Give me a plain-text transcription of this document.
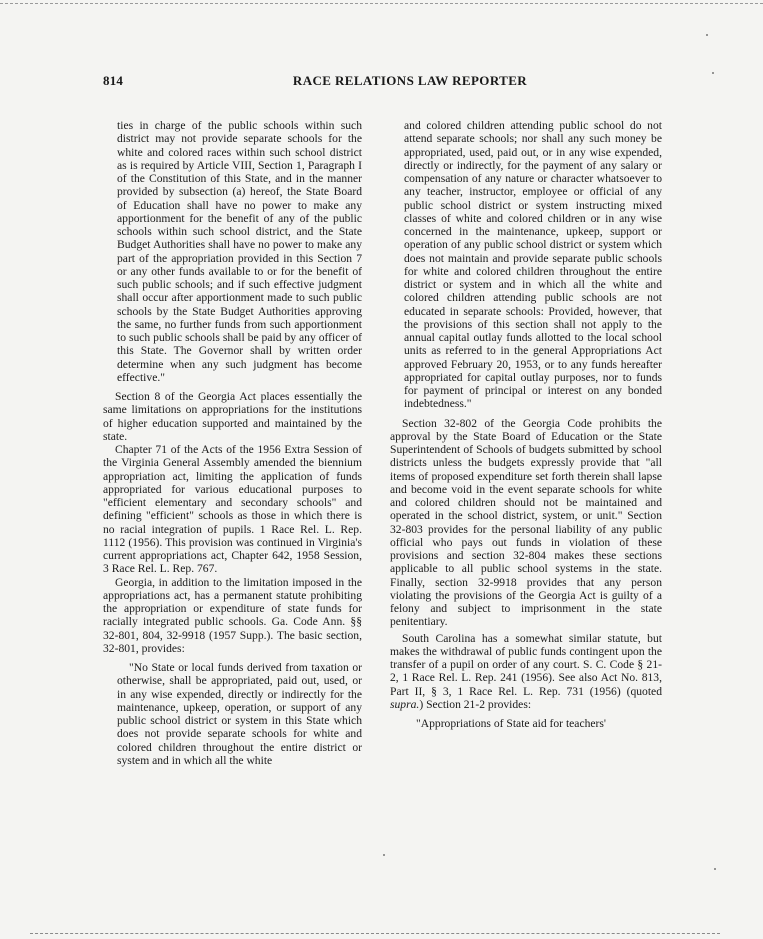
814	RACE RELATIONS LAW REPORTER

ties in charge of the public schools within such district may not provide separate schools for the white and colored races within such school district as is required by Article VIII, Section 1, Paragraph I of the Constitution of this State, and in the manner provided by subsection (a) hereof, the State Board of Education shall have no power to make any apportionment for the benefit of any of the public schools within such school district, and the State Budget Authorities shall have no power to make any part of the appropriation provided in this Section 7 or any other funds available to or for the benefit of such public schools; and if such effective judgment shall occur after apportionment made to such public schools by the State Budget Authorities approving the same, no further funds from such apportionment to such public schools shall be paid by any officer of this State. The Governor shall by written order determine when any such judgment has become effective."

Section 8 of the Georgia Act places essentially the same limitations on appropriations for the institutions of higher education supported and maintained by the state.

Chapter 71 of the Acts of the 1956 Extra Session of the Virginia General Assembly amended the biennium appropriation act, limiting the application of funds appropriated for various educational purposes to "efficient elementary and secondary schools" and defining "efficient" schools as those in which there is no racial integration of pupils. 1 Race Rel. L. Rep. 1112 (1956). This provision was continued in Virginia's current appropriations act, Chapter 642, 1958 Session, 3 Race Rel. L. Rep. 767.

Georgia, in addition to the limitation imposed in the appropriations act, has a permanent statute prohibiting the appropriation or expenditure of state funds for racially integrated public schools. Ga. Code Ann. §§ 32-801, 804, 32-9918 (1957 Supp.). The basic section, 32-801, provides:

"No State or local funds derived from taxation or otherwise, shall be appropriated, paid out, used, or in any wise expended, directly or indirectly for the maintenance, upkeep, operation, or support of any public school district or system in this State which does not provide separate schools for white and colored children throughout the entire district or system and in which all the white

and colored children attending public school do not attend separate schools; nor shall any such money be appropriated, used, paid out, or in any wise expended, directly or indirectly, for the payment of any salary or compensation of any nature or character whatsoever to any teacher, instructor, employee or official of any public school district or system instructing mixed classes of white and colored children or in any wise concerned in the maintenance, upkeep, support or operation of any public school district or system which does not maintain and provide separate public schools for white and colored children throughout the entire district or system and in which all the white and colored children attending public schools are not educated in separate schools: Provided, however, that the provisions of this section shall not apply to the annual capital outlay funds allotted to the local school units as referred to in the general Appropriations Act approved February 20, 1953, or to any funds hereafter appropriated for capital outlay purposes, nor to funds for payment of principal or interest on any bonded indebtedness."

Section 32-802 of the Georgia Code prohibits the approval by the State Board of Education or the State Superintendent of Schools of budgets submitted by school districts unless the budgets expressly provide that "all items of proposed expenditure set forth therein shall lapse and become void in the event separate schools for white and colored children should not be maintained and operated in the school district, system, or unit." Section 32-803 provides for the personal liability of any public official who pays out funds in violation of these provisions and section 32-804 makes these sections applicable to all public school systems in the state. Finally, section 32-9918 provides that any person violating the provisions of the Georgia Act is guilty of a felony and subject to imprisonment in the state penitentiary.

South Carolina has a somewhat similar statute, but makes the withdrawal of public funds contingent upon the transfer of a pupil on order of any court. S. C. Code § 21-2, 1 Race Rel. L. Rep. 241 (1956). See also Act No. 813, Part II, § 3, 1 Race Rel. L. Rep. 731 (1956) (quoted supra.) Section 21-2 provides:

"Appropriations of State aid for teachers'
